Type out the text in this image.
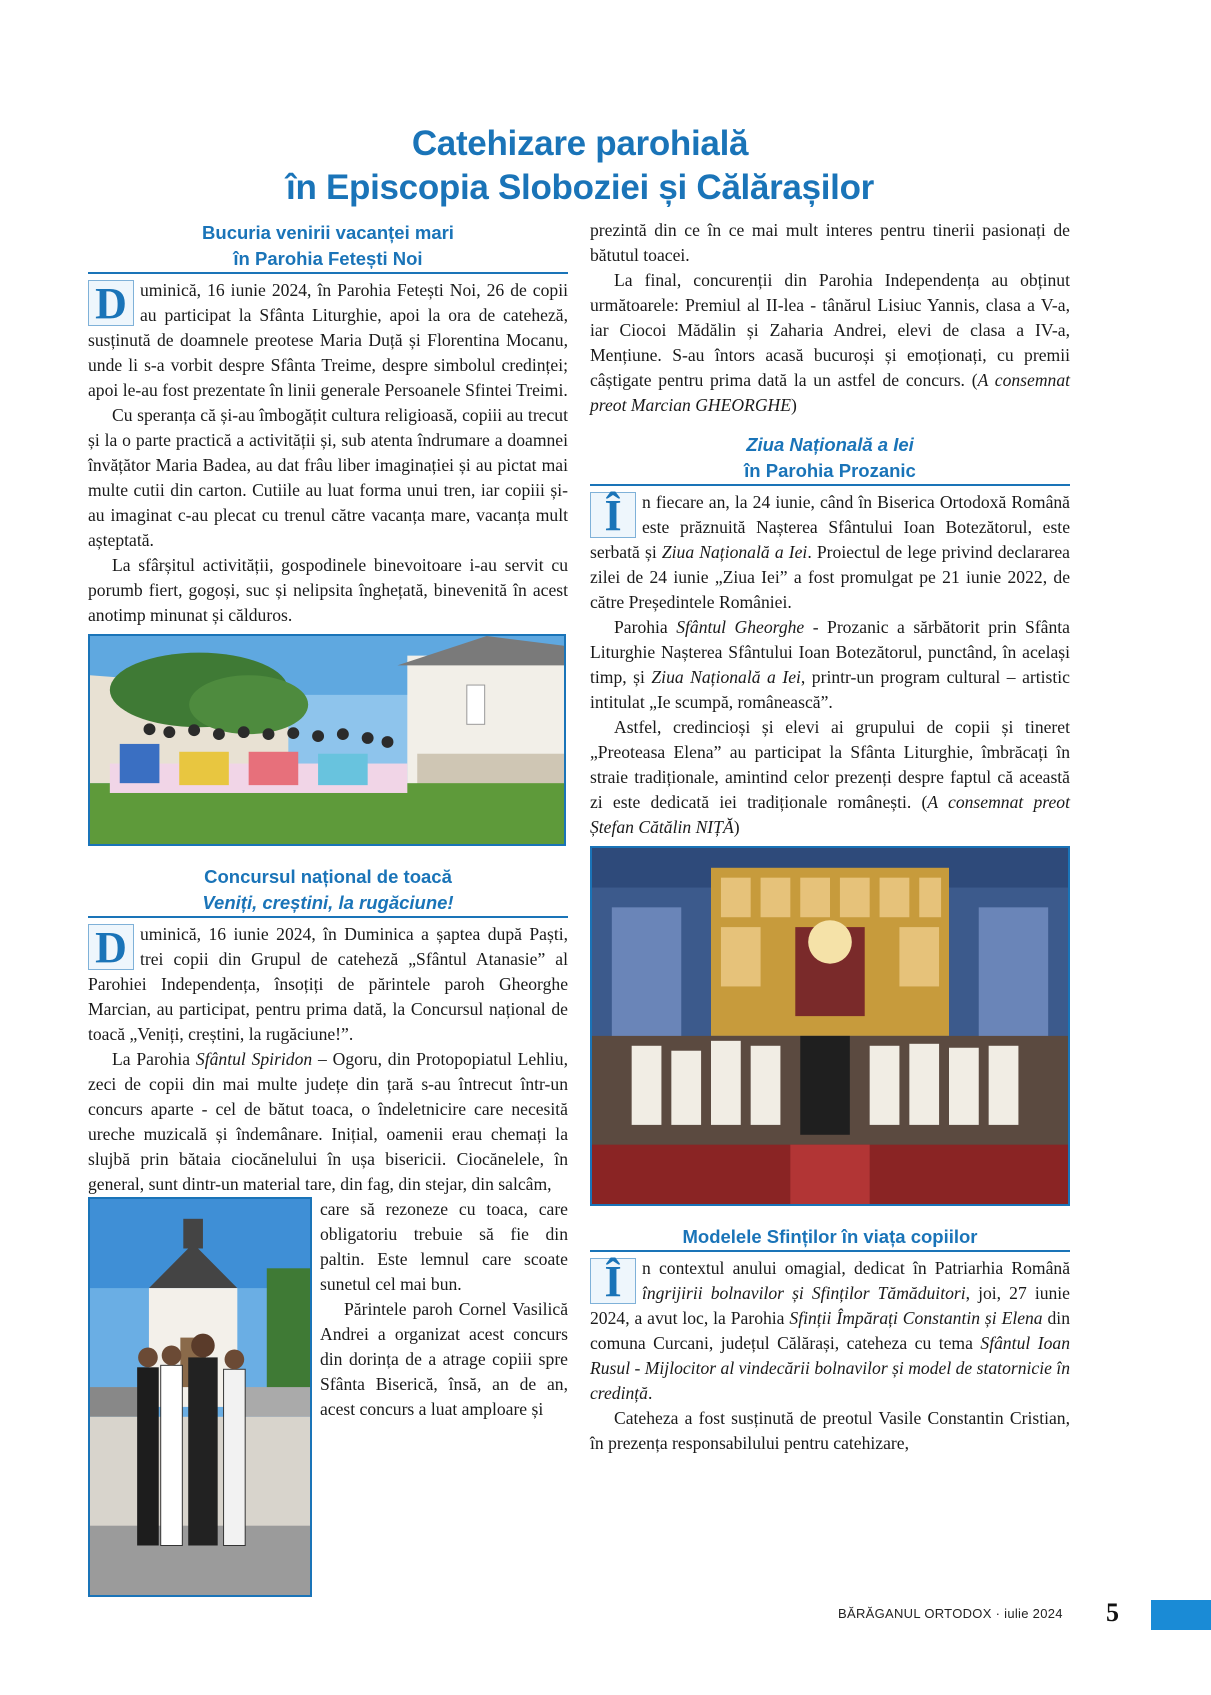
Catehizare parohială
în Episcopia Sloboziei și Călărașilor
Bucuria venirii vacanței mari
în Parohia Fetești Noi

D uminică, 16 iunie 2024, în Parohia Fetești Noi, 26 de copii au participat la Sfânta Liturghie, apoi la ora de cateheză, susținută de doamnele preotese Maria Duță și Florentina Mocanu, unde li s-a vorbit despre Sfânta Treime, despre simbolul credinței; apoi le-au fost prezentate în linii generale Persoanele Sfintei Treimi.

Cu speranța că și-au îmbogățit cultura religioasă, copiii au trecut și la o parte practică a activității și, sub atenta îndrumare a doamnei învățător Maria Badea, au dat frâu liber imaginației și au pictat mai multe cutii din carton. Cutiile au luat forma unui tren, iar copiii și-au imaginat c-au plecat cu trenul către vacanța mare, vacanța mult așteptată.

La sfârșitul activității, gospodinele binevoitoare i-au servit cu porumb fiert, gogoși, suc și nelipsita înghețată, binevenită în acest anotimp minunat și călduros.

Concursul național de toacă
Veniți, creștini, la rugăciune!

D uminică, 16 iunie 2024, în Duminica a șaptea după Paști, trei copii din Grupul de cateheză „Sfântul Atanasie” al Parohiei Independența, însoțiți de părintele paroh Gheorghe Marcian, au participat, pentru prima dată, la Concursul național de toacă „Veniți, creștini, la rugăciune!”.

La Parohia Sfântul Spiridon – Ogoru, din Protopopiatul Lehliu, zeci de copii din mai multe județe din țară s-au întrecut într-un concurs aparte - cel de bătut toaca, o îndeletnicire care necesită ureche muzicală și îndemânare. Inițial, oamenii erau chemați la slujbă prin bătaia ciocănelului în ușa bisericii. Ciocănelele, în general, sunt dintr-un material tare, din fag, din stejar, din salcâm,

care să rezoneze cu toaca, care obligatoriu trebuie să fie din paltin. Este lemnul care scoate sunetul cel mai bun.

Părintele paroh Cornel Vasilică Andrei a organizat acest concurs din dorința de a atrage copiii spre Sfânta Biserică, însă, an de an, acest concurs a luat amploare și

prezintă din ce în ce mai mult interes pentru tinerii pasionați de bătutul toacei.

La final, concurenții din Parohia Independența au obținut următoarele: Premiul al II-lea - tânărul Lisiuc Yannis, clasa a V-a, iar Ciocoi Mădălin și Zaharia Andrei, elevi de clasa a IV-a, Mențiune. S-au întors acasă bucuroși și emoționați, cu premii câștigate pentru prima dată la un astfel de concurs. (A consemnat preot Marcian GHEORGHE)

Ziua Națională a Iei
în Parohia Prozanic

Î	n fiecare an, la 24 iunie, când în Biserica Ortodoxă Română este prăznuită Nașterea Sfântului Ioan Botezătorul, este serbată și Ziua Națională a Iei. Proiectul de lege privind declararea zilei de 24 iunie „Ziua Iei” a fost promulgat pe 21 iunie 2022, de către Președintele României.

Parohia Sfântul Gheorghe - Prozanic a sărbătorit prin Sfânta Liturghie Nașterea Sfântului Ioan Botezătorul, punctând, în același timp, și Ziua Națională a Iei, printr-un program cultural – artistic intitulat „Ie scumpă, românească”.

Astfel, credincioși și elevi ai grupului de copii și tineret „Preoteasa Elena” au participat la Sfânta Liturghie, îmbrăcați în straie tradiționale, amintind celor prezenți despre faptul că această zi este dedicată iei tradiționale românești. (A consemnat preot Ștefan Cătălin NIȚĂ)

Modelele Sfinților în viața copiilor

Î	n contextul anului omagial, dedicat în Patriarhia Română îngrijirii bolnavilor și Sfinților Tămăduitori, joi, 27 iunie 2024, a avut loc, la Parohia Sfinții Împărați Constantin și Elena din comuna Curcani, județul Călărași, cateheza cu tema Sfântul Ioan Rusul - Mijlocitor al vindecării bolnavilor și model de statornicie în credință.

Cateheza a fost susținută de preotul Vasile Constantin Cristian, în prezența responsabilului pentru catehizare,

BĂRĂGANUL ORTODOX · iulie 2024 5
